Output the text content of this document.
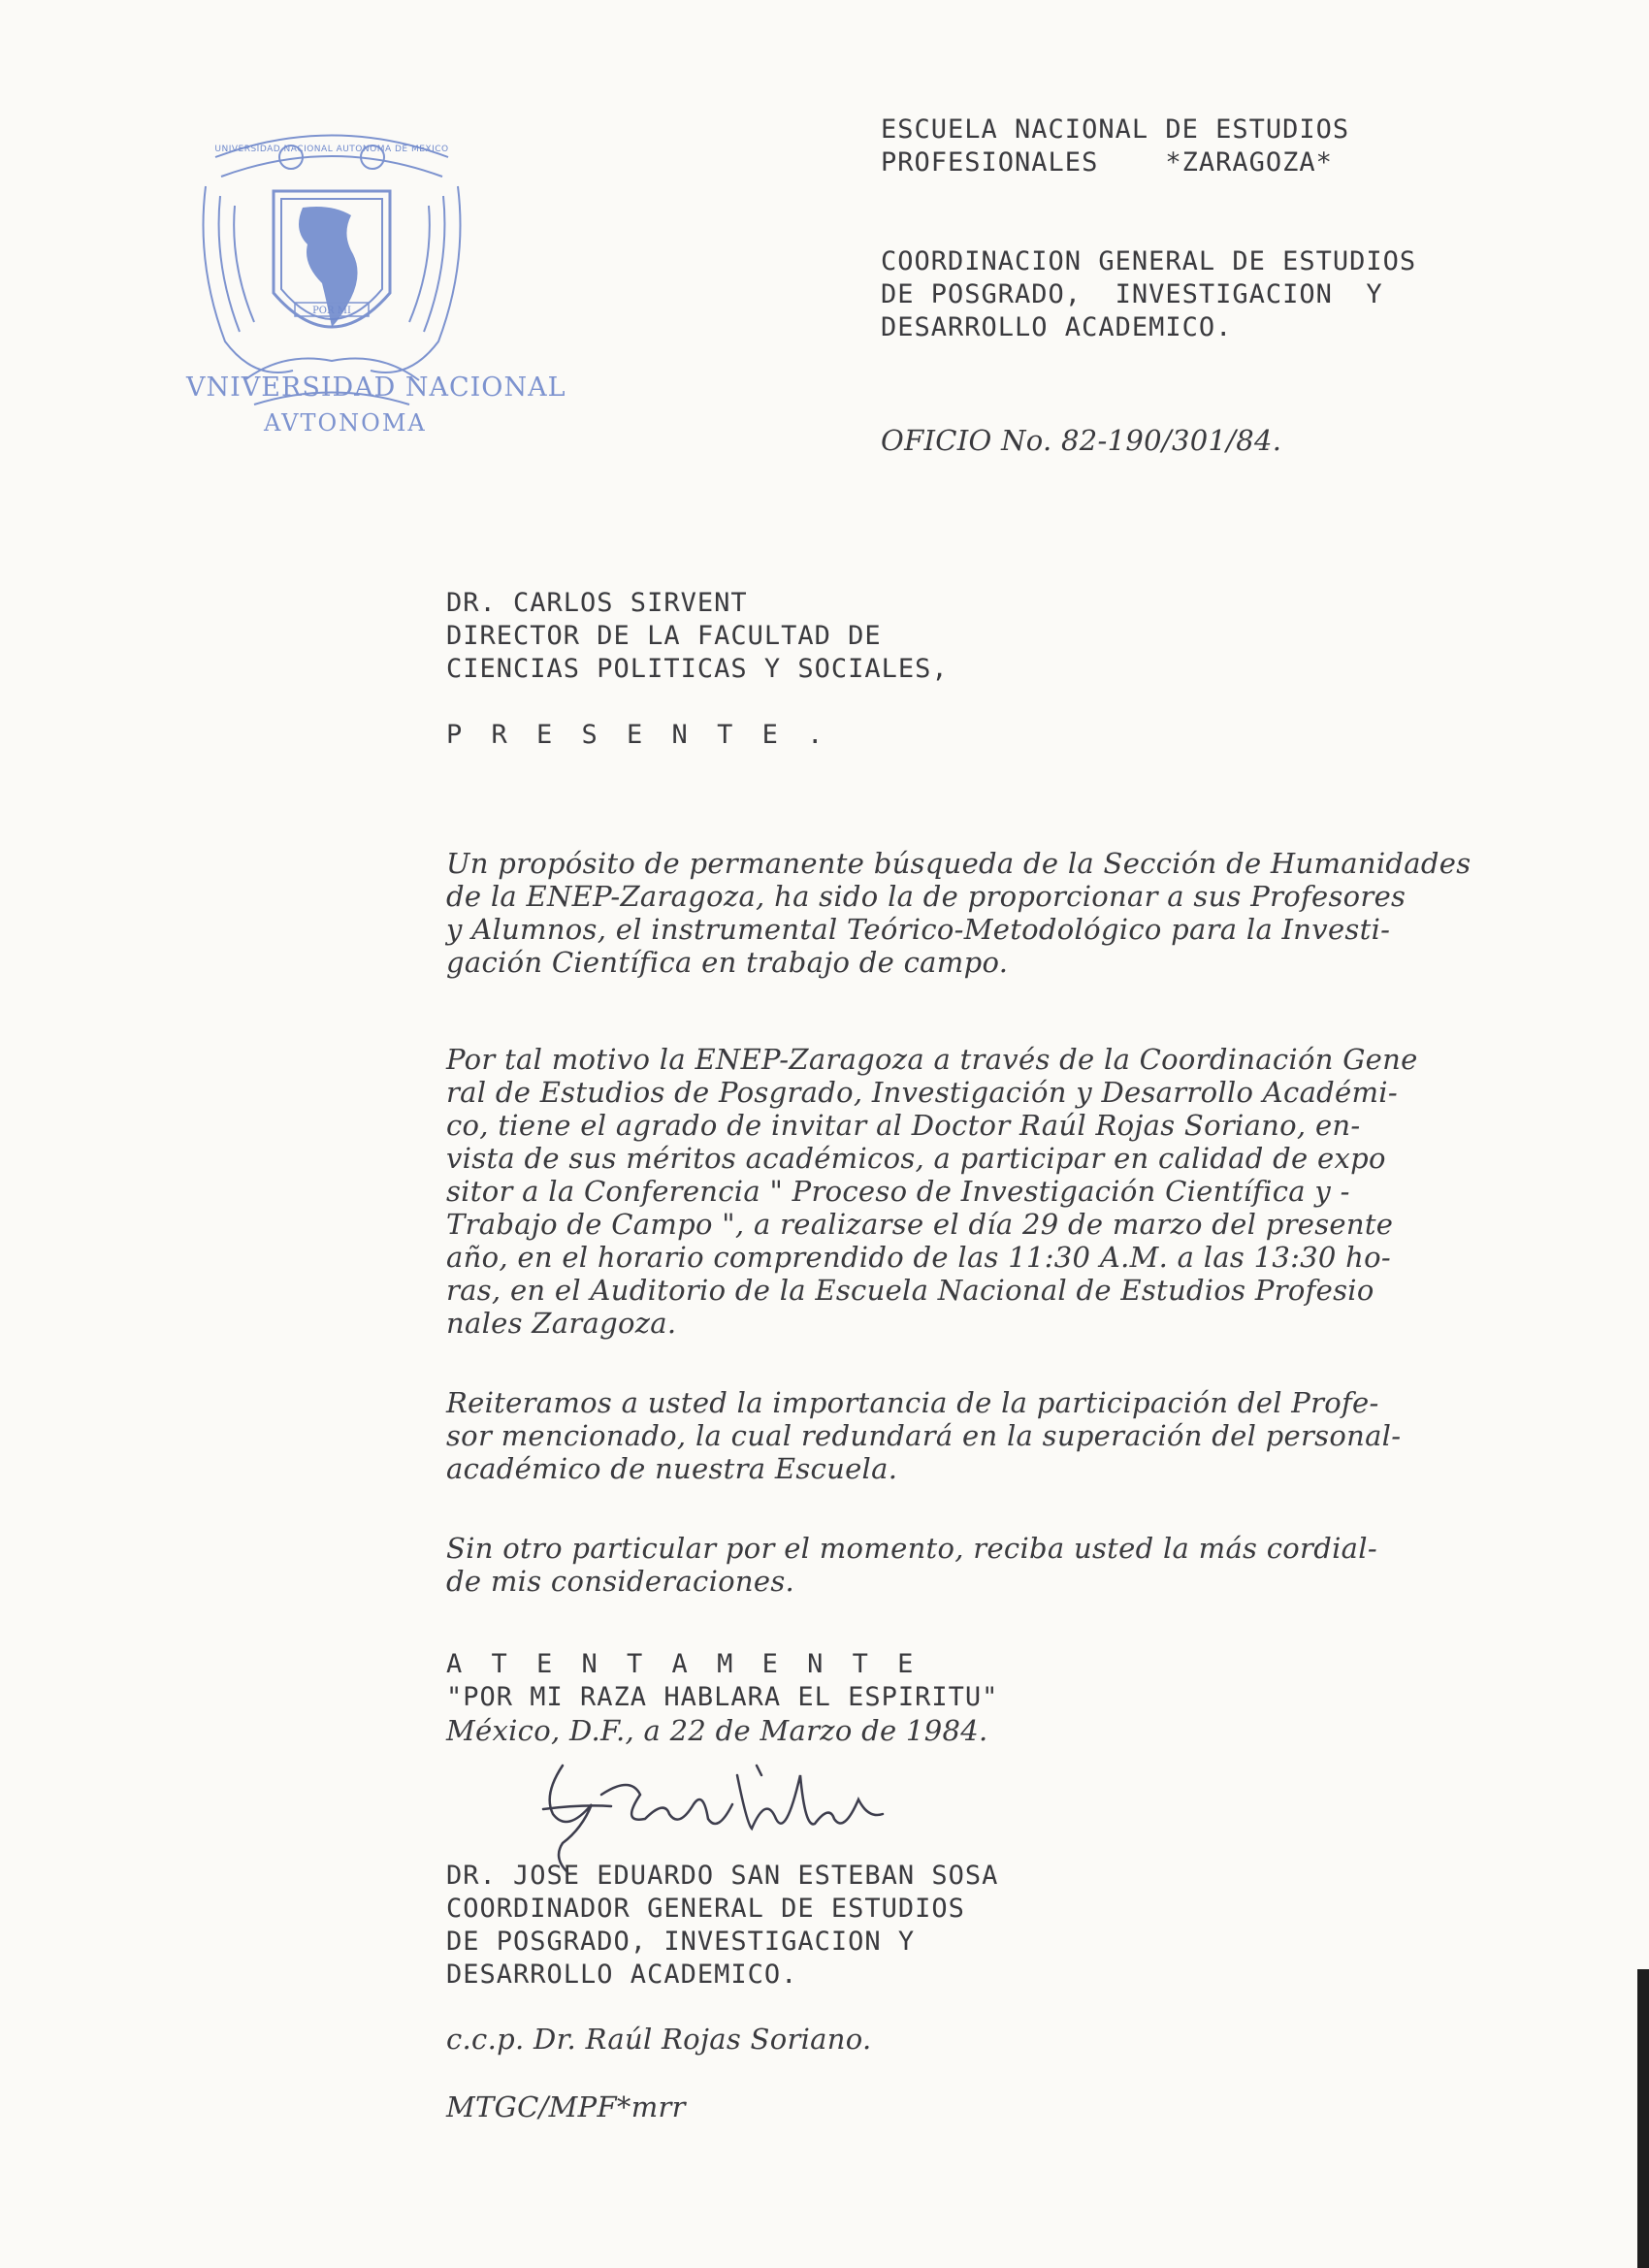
POR MI
UNIVERSIDAD NACIONAL AUTONOMA DE MEXICO
VNIVERSIDAD NACIONAL
AVTONOMA
ESCUELA NACIONAL DE ESTUDIOS
PROFESIONALES    *ZARAGOZA*
COORDINACION GENERAL DE ESTUDIOS
DE POSGRADO,  INVESTIGACION  Y
DESARROLLO ACADEMICO.
OFICIO No. 82-190/301/84.
DR. CARLOS SIRVENT
DIRECTOR DE LA FACULTAD DE
CIENCIAS POLITICAS Y SOCIALES,
P R E S E N T E .
Un propósito de permanente búsqueda de la Sección de Humanidades
de la ENEP-Zaragoza, ha sido la de proporcionar a sus Profesores
y Alumnos, el instrumental Teórico-Metodológico para la Investi-
gación Científica en trabajo de campo.
Por tal motivo la ENEP-Zaragoza a través de la Coordinación Gene
ral de Estudios de Posgrado, Investigación y Desarrollo Académi-
co, tiene el agrado de invitar al Doctor Raúl Rojas Soriano, en-
vista de sus méritos académicos, a participar en calidad de expo
sitor a la Conferencia " Proceso de Investigación Científica y -
Trabajo de Campo ", a realizarse el día 29 de marzo del presente
año, en el horario comprendido de las 11:30 A.M. a las 13:30 ho-
ras, en el Auditorio de la Escuela Nacional de Estudios Profesio
nales Zaragoza.
Reiteramos a usted la importancia de la participación del Profe-
sor mencionado, la cual redundará en la superación del personal-
académico de nuestra Escuela.
Sin otro particular por el momento, reciba usted la más cordial-
de mis consideraciones.
A T E N T A M E N T E
"POR MI RAZA HABLARA EL ESPIRITU"
México, D.F., a 22 de Marzo de 1984.
DR. JOSE EDUARDO SAN ESTEBAN SOSA
COORDINADOR GENERAL DE ESTUDIOS
DE POSGRADO, INVESTIGACION Y
DESARROLLO ACADEMICO.
c.c.p. Dr. Raúl Rojas Soriano.
MTGC/MPF*mrr
